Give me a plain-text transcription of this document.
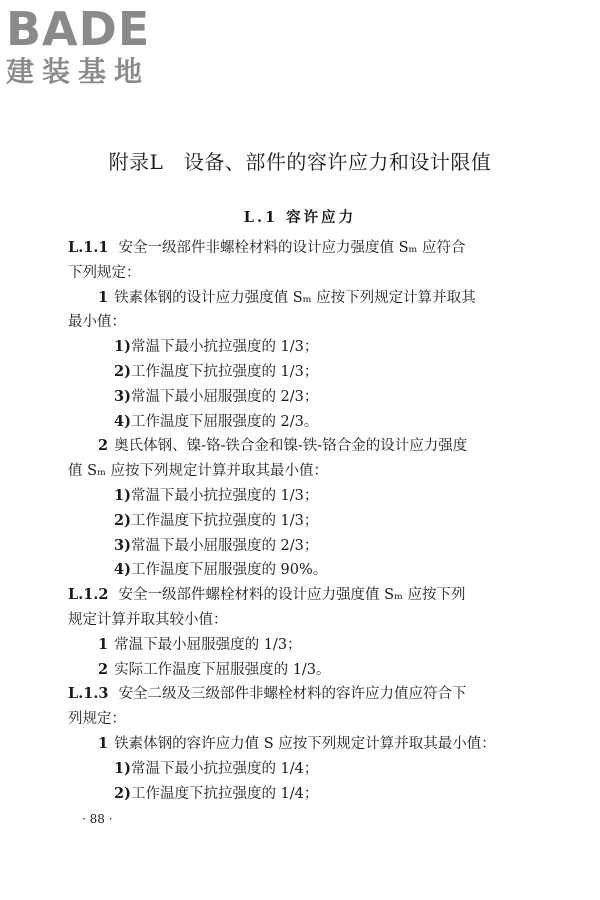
BADE
建装基地
附录L　设备、部件的容许应力和设计限值
L.1 容许应力
L.1.1 安全一级部件非螺栓材料的设计应力强度值 Sₘ 应符合
下列规定：
1 铁素体钢的设计应力强度值 Sₘ 应按下列规定计算并取其
最小值：
1)常温下最小抗拉强度的 1/3；
2)工作温度下抗拉强度的 1/3；
3)常温下最小屈服强度的 2/3；
4)工作温度下屈服强度的 2/3。
2 奥氏体钢、镍-铬-铁合金和镍-铁-铬合金的设计应力强度
值 Sₘ 应按下列规定计算并取其最小值：
1)常温下最小抗拉强度的 1/3；
2)工作温度下抗拉强度的 1/3；
3)常温下最小屈服强度的 2/3；
4)工作温度下屈服强度的 90%。
L.1.2 安全一级部件螺栓材料的设计应力强度值 Sₘ 应按下列
规定计算并取其较小值：
1 常温下最小屈服强度的 1/3；
2 实际工作温度下屈服强度的 1/3。
L.1.3 安全二级及三级部件非螺栓材料的容许应力值应符合下
列规定：
1 铁素体钢的容许应力值 S 应按下列规定计算并取其最小值：
1)常温下最小抗拉强度的 1/4；
2)工作温度下抗拉强度的 1/4；
· 88 ·
